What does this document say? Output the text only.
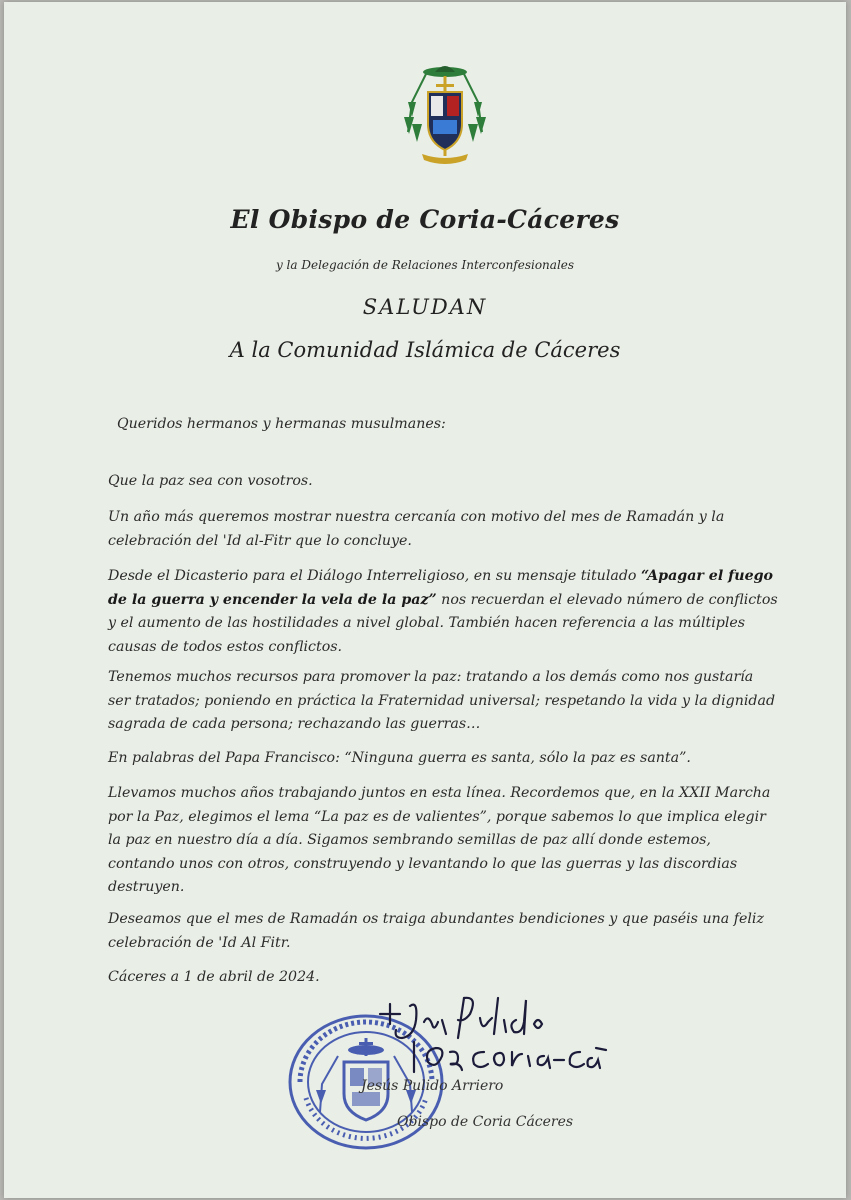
El Obispo de Coria-Cáceres
y la Delegación de Relaciones Interconfesionales
SALUDAN
A la Comunidad Islámica de Cáceres
Queridos hermanos y hermanas musulmanes:
Que la paz sea con vosotros.
Un año más queremos mostrar nuestra cercanía con motivo del mes de Ramadán y la celebración del 'Id al-Fitr que lo concluye.
Desde el Dicasterio para el Diálogo Interreligioso, en su mensaje titulado “Apagar el fuego de la guerra y encender la vela de la paz” nos recuerdan el elevado número de conflictos y el aumento de las hostilidades a nivel global. También hacen referencia a las múltiples causas de todos estos conflictos.
Tenemos muchos recursos para promover la paz: tratando a los demás como nos gustaría ser tratados; poniendo en práctica la Fraternidad universal; respetando la vida y la dignidad sagrada de cada persona; rechazando las guerras…
En palabras del Papa Francisco: “Ninguna guerra es santa, sólo la paz es santa”.
Llevamos muchos años trabajando juntos en esta línea. Recordemos que, en la XXII Marcha por la Paz, elegimos el lema “La paz es de valientes”, porque sabemos lo que implica elegir la paz en nuestro día a día. Sigamos sembrando semillas de paz allí donde estemos, contando unos con otros, construyendo y levantando lo que las guerras y las discordias destruyen.
Deseamos que el mes de Ramadán os traiga abundantes bendiciones y que paséis una feliz celebración de 'Id Al Fitr.
Cáceres a 1 de abril de 2024.
Jesús Pulido Arriero
Obispo de Coria Cáceres
